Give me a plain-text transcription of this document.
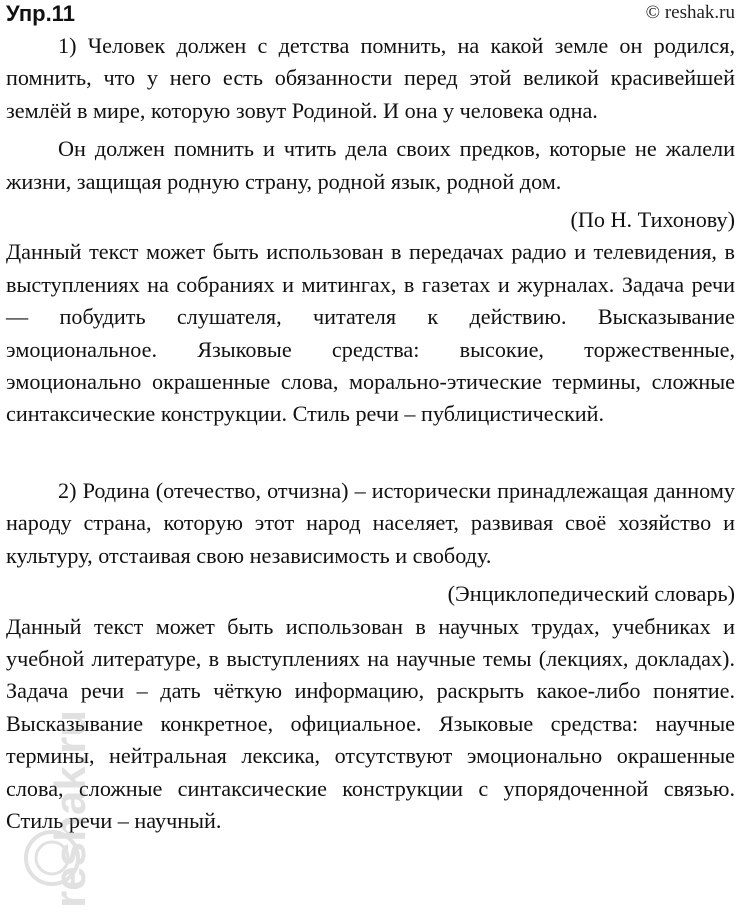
Упр.11	© reshak.ru

1) Человек должен с детства помнить, на какой земле он родился, помнить, что у него есть обязанности перед этой великой красивейшей землёй в мире, которую зовут Родиной. И она у человека одна.

Он должен помнить и чтить дела своих предков, которые не жалели жизни, защищая родную страну, родной язык, родной дом.

(По Н. Тихонову)

Данный текст может быть использован в передачах радио и телевидения, в выступлениях на собраниях и митингах, в газетах и журналах. Задача речи — побудить слушателя, читателя к действию. Высказывание эмоциональное. Языковые средства: высокие, торжественные, эмоционально окрашенные слова, морально-этические термины, сложные синтаксические конструкции. Стиль речи – публицистический.

2) Родина (отечество, отчизна) – исторически принадлежащая данному народу страна, которую этот народ населяет, развивая своё хозяйство и культуру, отстаивая свою независимость и свободу.

(Энциклопедический словарь)

Данный текст может быть использован в научных трудах, учебниках и учебной литературе, в выступлениях на научные темы (лекциях, докладах). Задача речи – дать чёткую информацию, раскрыть какое-либо понятие. Высказывание конкретное, официальное. Языковые средства: научные термины, нейтральная лексика, отсутствуют эмоционально окрашенные слова, сложные синтаксические конструкции с упорядоченной связью. Стиль речи – научный.

reshak.ru
